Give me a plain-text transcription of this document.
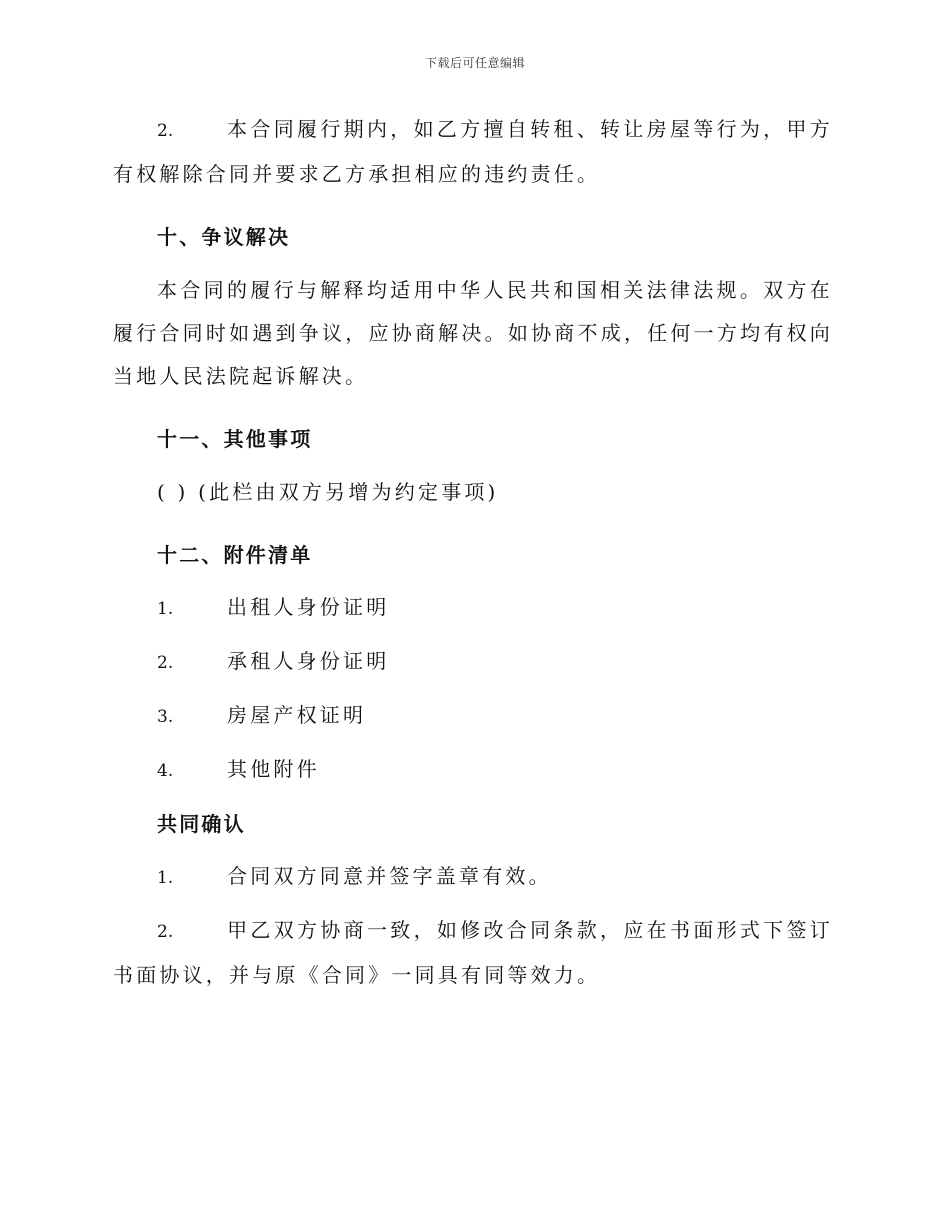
下载后可任意编辑

2.	本合同履行期内，如乙方擅自转租、转让房屋等行为，甲方有权解除合同并要求乙方承担相应的违约责任。

十、争议解决

本合同的履行与解释均适用中华人民共和国相关法律法规。双方在履行合同时如遇到争议，应协商解决。如协商不成，任何一方均有权向当地人民法院起诉解决。

十一、其他事项

( ) (此栏由双方另增为约定事项)

十二、附件清单
1.	出租人身份证明
2.	承租人身份证明
3.	房屋产权证明
4.	其他附件
共同确认
1.	合同双方同意并签字盖章有效。

2.	甲乙双方协商一致，如修改合同条款，应在书面形式下签订书面协议，并与原《合同》一同具有同等效力。
